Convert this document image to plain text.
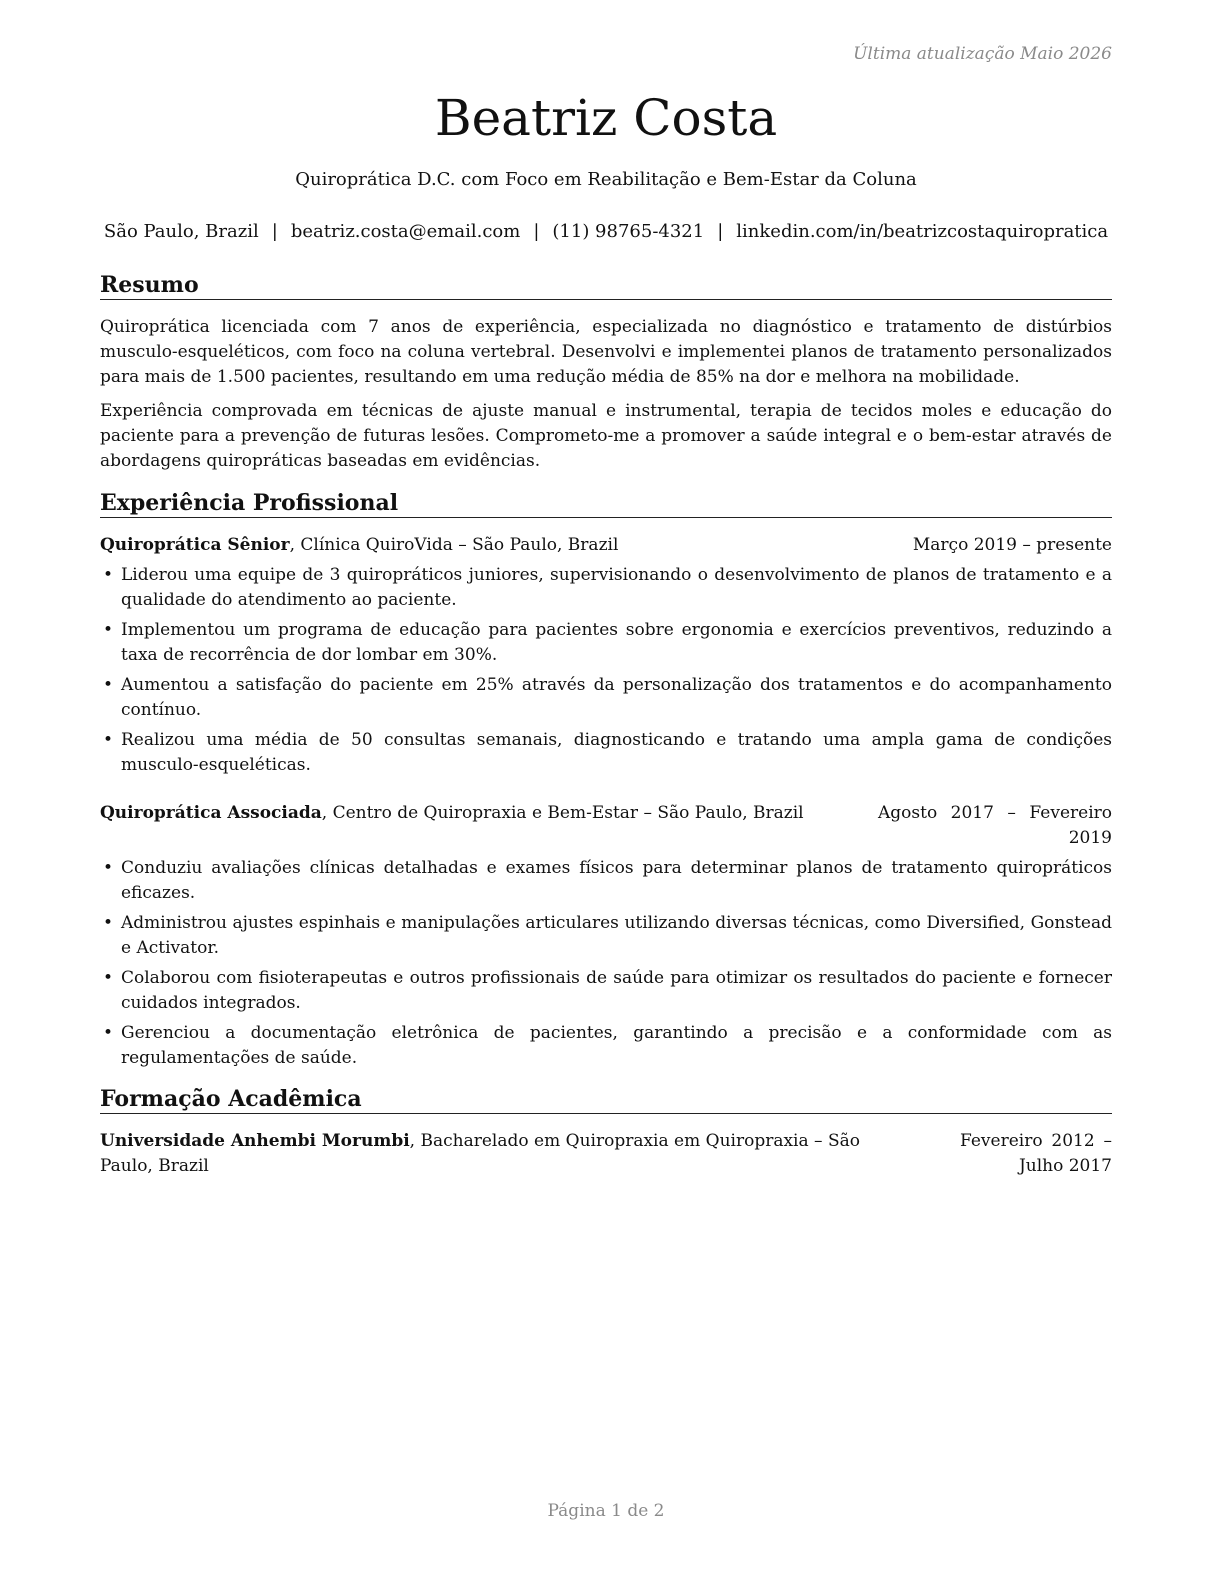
Última atualização Maio 2026
Beatriz Costa
Quiroprática D.C. com Foco em Reabilitação e Bem-Estar da Coluna
São Paulo, Brazil | beatriz.costa@email.com | (11) 98765-4321 | linkedin.com/in/beatrizcostaquiropratica
Resumo
Quiroprática licenciada com 7 anos de experiência, especializada no diagnóstico e tratamento de distúrbios musculo-esqueléticos, com foco na coluna vertebral. Desenvolvi e implementei planos de tratamento personalizados para mais de 1.500 pacientes, resultando em uma redução média de 85% na dor e melhora na mobilidade.
Experiência comprovada em técnicas de ajuste manual e instrumental, terapia de tecidos moles e educação do paciente para a prevenção de futuras lesões. Comprometo-me a promover a saúde integral e o bem-estar através de abordagens quiropráticas baseadas em evidências.
Experiência Profissional
Quiroprática Sênior, Clínica QuiroVida – São Paulo, Brazil	Março 2019 – presente
• Liderou uma equipe de 3 quiropráticos juniores, supervisionando o desenvolvimento de planos de tratamento e a qualidade do atendimento ao paciente.
• Implementou um programa de educação para pacientes sobre ergonomia e exercícios preventivos, reduzindo a taxa de recorrência de dor lombar em 30%.
• Aumentou a satisfação do paciente em 25% através da personalização dos tratamentos e do acompanhamento contínuo.
• Realizou uma média de 50 consultas semanais, diagnosticando e tratando uma ampla gama de condições musculo-esqueléticas.
Quiroprática Associada, Centro de Quiropraxia e Bem-Estar – São Paulo, Brazil	Agosto 2017 – Fevereiro 2019
• Conduziu avaliações clínicas detalhadas e exames físicos para determinar planos de tratamento quiropráticos eficazes.
• Administrou ajustes espinhais e manipulações articulares utilizando diversas técnicas, como Diversified, Gonstead e Activator.
• Colaborou com fisioterapeutas e outros profissionais de saúde para otimizar os resultados do paciente e fornecer cuidados integrados.
• Gerenciou a documentação eletrônica de pacientes, garantindo a precisão e a conformidade com as regulamentações de saúde.
Formação Acadêmica
Universidade Anhembi Morumbi, Bacharelado em Quiropraxia em Quiropraxia – São Paulo, Brazil
Fevereiro 2012 – Julho 2017
Página 1 de 2
